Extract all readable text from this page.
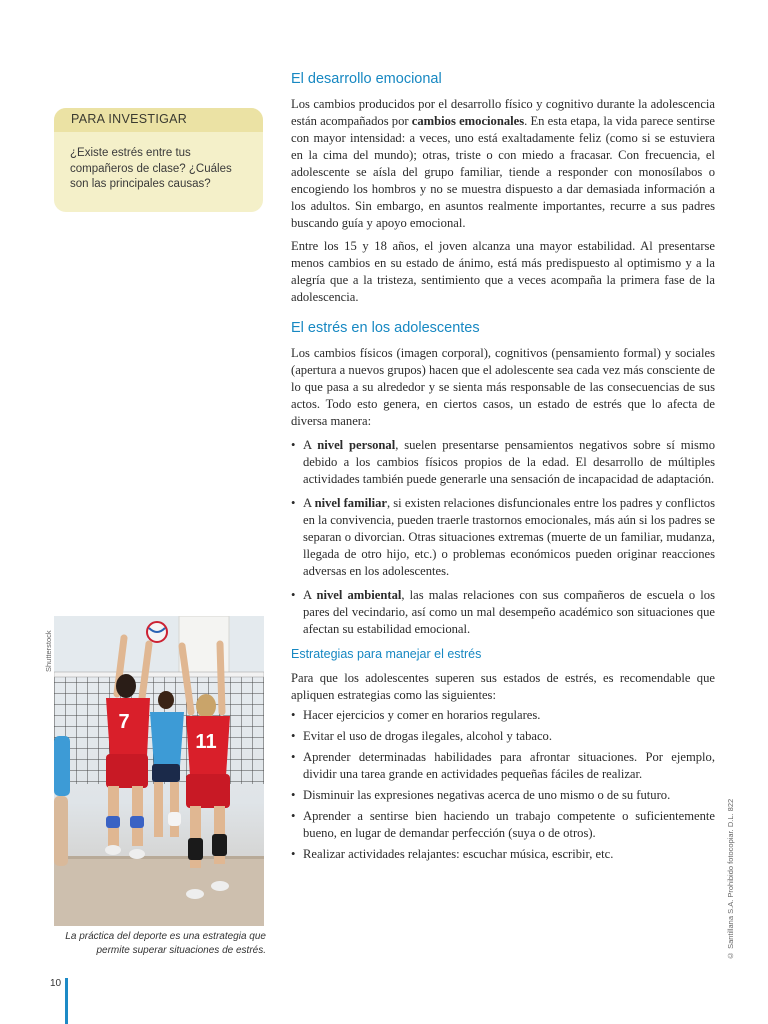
PARA INVESTIGAR
¿Existe estrés entre tus compañeros de clase? ¿Cuáles son las principales causas?
El desarrollo emocional

Los cambios producidos por el desarrollo físico y cognitivo durante la adolescencia están acompañados por cambios emocionales. En esta etapa, la vida parece sentirse con mayor intensidad: a veces, uno está exaltadamente feliz (como si se estuviera en la cima del mundo); otras, triste o con miedo a fracasar. Con frecuencia, el adolescente se aísla del grupo familiar, tiende a responder con monosílabos o encogiendo los hombros y no se muestra dispuesto a dar demasiada información a los adultos. Sin embargo, en asuntos realmente importantes, recurre a sus padres buscando guía y apoyo emocional.

Entre los 15 y 18 años, el joven alcanza una mayor estabilidad. Al presentarse menos cambios en su estado de ánimo, está más predispuesto al optimismo y a la alegría que a la tristeza, sentimiento que a veces acompaña la primera fase de la adolescencia.

El estrés en los adolescentes

Los cambios físicos (imagen corporal), cognitivos (pensamiento formal) y sociales (apertura a nuevos grupos) hacen que el adolescente sea cada vez más consciente de lo que pasa a su alrededor y se sienta más responsable de las consecuencias de sus actos. Todo esto genera, en ciertos casos, un estado de estrés que lo afecta de diversa manera:

• A nivel personal, suelen presentarse pensamientos negativos sobre sí mismo debido a los cambios físicos propios de la edad. El desarrollo de múltiples actividades también puede generarle una sensación de incapacidad de adaptación.
• A nivel familiar, si existen relaciones disfuncionales entre los padres y conflictos en la convivencia, pueden traerle trastornos emocionales, más aún si los padres se separan o divorcian. Otras situaciones extremas (muerte de un familiar, mudanza, llegada de otro hijo, etc.) o problemas económicos pueden originar reacciones adversas en los adolescentes.
• A nivel ambiental, las malas relaciones con sus compañeros de escuela o los pares del vecindario, así como un mal desempeño académico son situaciones que afectan su estabilidad emocional.
Estrategias para manejar el estrés

Para que los adolescentes superen sus estados de estrés, es recomendable que apliquen estrategias como las siguientes:

• Hacer ejercicios y comer en horarios regulares.
• Evitar el uso de drogas ilegales, alcohol y tabaco.
• Aprender determinadas habilidades para afrontar situaciones. Por ejemplo, dividir una tarea grande en actividades pequeñas fáciles de realizar.
• Disminuir las expresiones negativas acerca de uno mismo o de su futuro.
• Aprender a sentirse bien haciendo un trabajo competente o suficientemente bueno, en lugar de demandar perfección (suya o de otros).
• Realizar actividades relajantes: escuchar música, escribir, etc.
Shutterstock
7
11
La práctica del deporte es una estrategia que permite superar situaciones de estrés.	© Santillana S.A. Prohibido fotocopiar. D.L. 822
10
